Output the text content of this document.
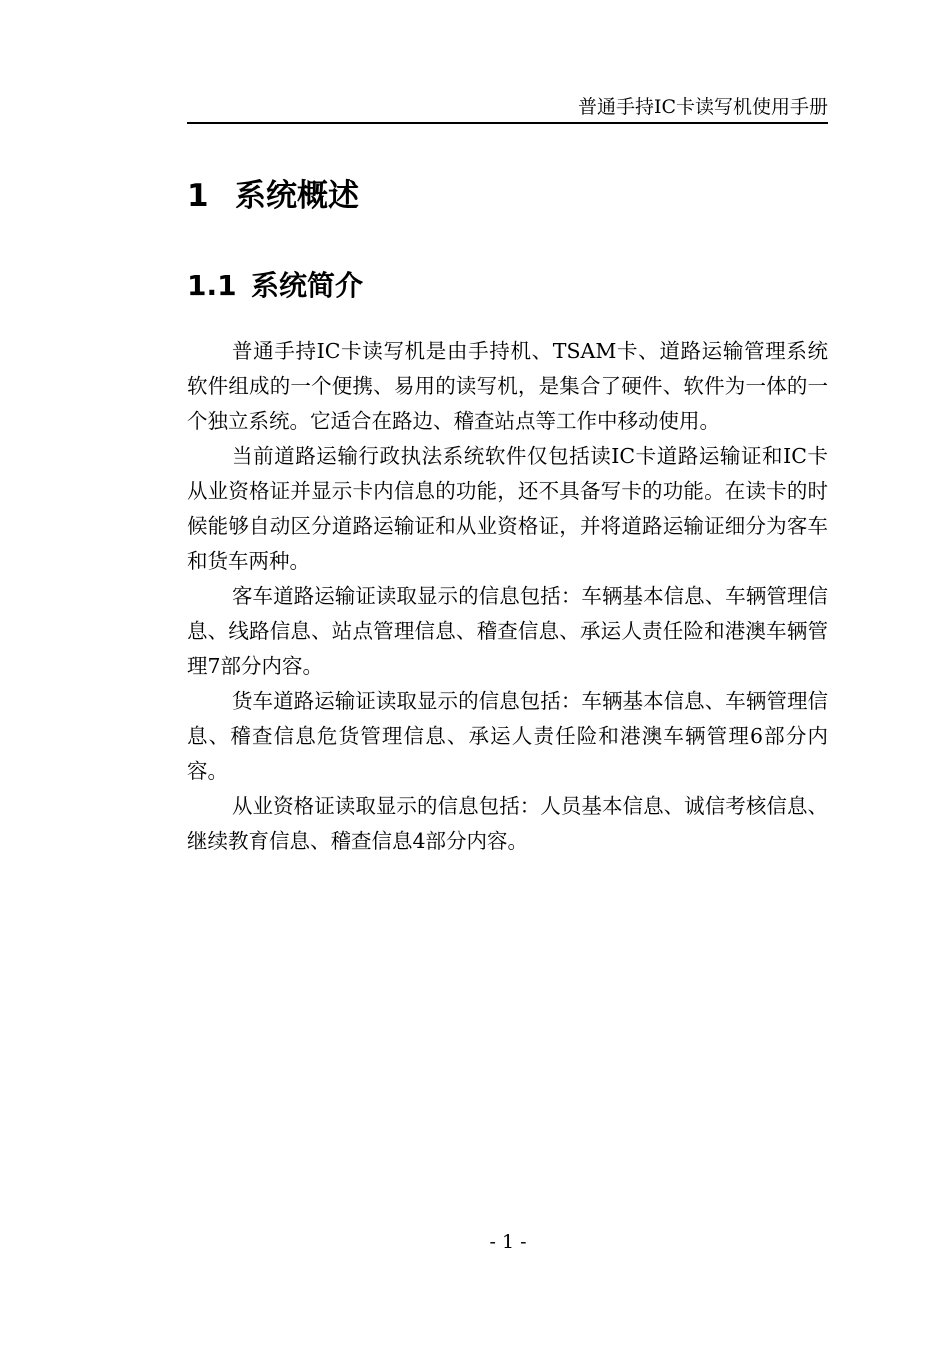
普通手持IC卡读写机使用手册
1 系统概述
1.1 系统简介

普通手持IC卡读写机是由手持机、TSAM卡、道路运输管理系统软件组成的一个便携、易用的读写机，是集合了硬件、软件为一体的一个独立系统。它适合在路边、稽查站点等工作中移动使用。

当前道路运输行政执法系统软件仅包括读IC卡道路运输证和IC卡从业资格证并显示卡内信息的功能，还不具备写卡的功能。在读卡的时候能够自动区分道路运输证和从业资格证，并将道路运输证细分为客车和货车两种。

客车道路运输证读取显示的信息包括：车辆基本信息、车辆管理信息、线路信息、站点管理信息、稽查信息、承运人责任险和港澳车辆管理7部分内容。

货车道路运输证读取显示的信息包括：车辆基本信息、车辆管理信息、稽查信息危货管理信息、承运人责任险和港澳车辆管理6部分内容。

从业资格证读取显示的信息包括：人员基本信息、诚信考核信息、继续教育信息、稽查信息4部分内容。

- 1 -
